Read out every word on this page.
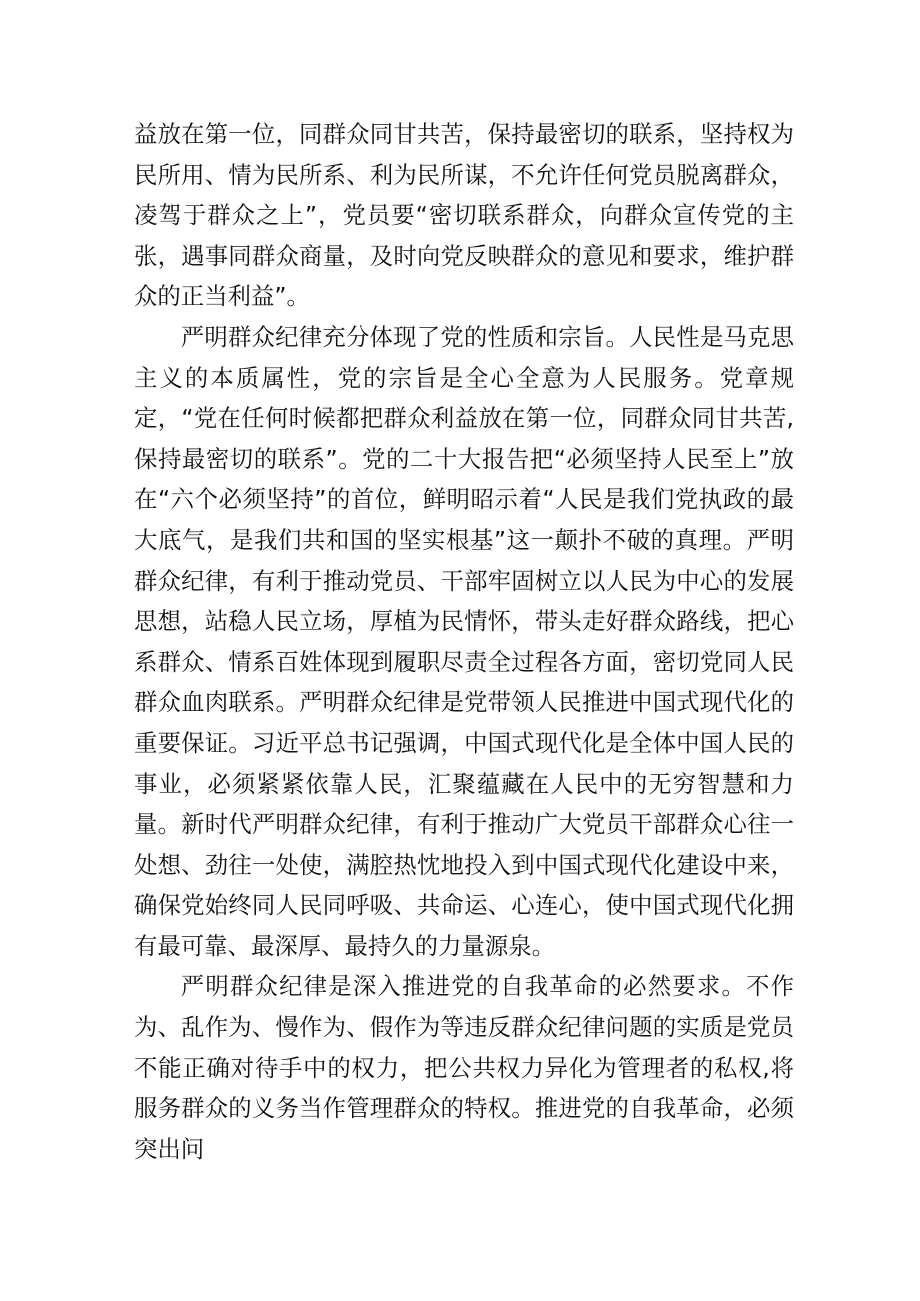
益放在第一位，同群众同甘共苦，保持最密切的联系，坚持权为民所用、情为民所系、利为民所谋，不允许任何党员脱离群众，凌驾于群众之上”，党员要“密切联系群众，向群众宣传党的主张，遇事同群众商量，及时向党反映群众的意见和要求，维护群众的正当利益”。

严明群众纪律充分体现了党的性质和宗旨。人民性是马克思主义的本质属性，党的宗旨是全心全意为人民服务。党章规定，“党在任何时候都把群众利益放在第一位，同群众同甘共苦,保持最密切的联系”。党的二十大报告把“必须坚持人民至上”放在“六个必须坚持”的首位，鲜明昭示着“人民是我们党执政的最大底气，是我们共和国的坚实根基”这一颠扑不破的真理。严明群众纪律，有利于推动党员、干部牢固树立以人民为中心的发展思想，站稳人民立场，厚植为民情怀，带头走好群众路线，把心系群众、情系百姓体现到履职尽责全过程各方面，密切党同人民群众血肉联系。严明群众纪律是党带领人民推进中国式现代化的重要保证。习近平总书记强调，中国式现代化是全体中国人民的事业，必须紧紧依靠人民，汇聚蕴藏在人民中的无穷智慧和力量。新时代严明群众纪律，有利于推动广大党员干部群众心往一处想、劲往一处使，满腔热忱地投入到中国式现代化建设中来，确保党始终同人民同呼吸、共命运、心连心，使中国式现代化拥有最可靠、最深厚、最持久的力量源泉。

严明群众纪律是深入推进党的自我革命的必然要求。不作为、乱作为、慢作为、假作为等违反群众纪律问题的实质是党员不能正确对待手中的权力，把公共权力异化为管理者的私权,将服务群众的义务当作管理群众的特权。推进党的自我革命，必须突出问
